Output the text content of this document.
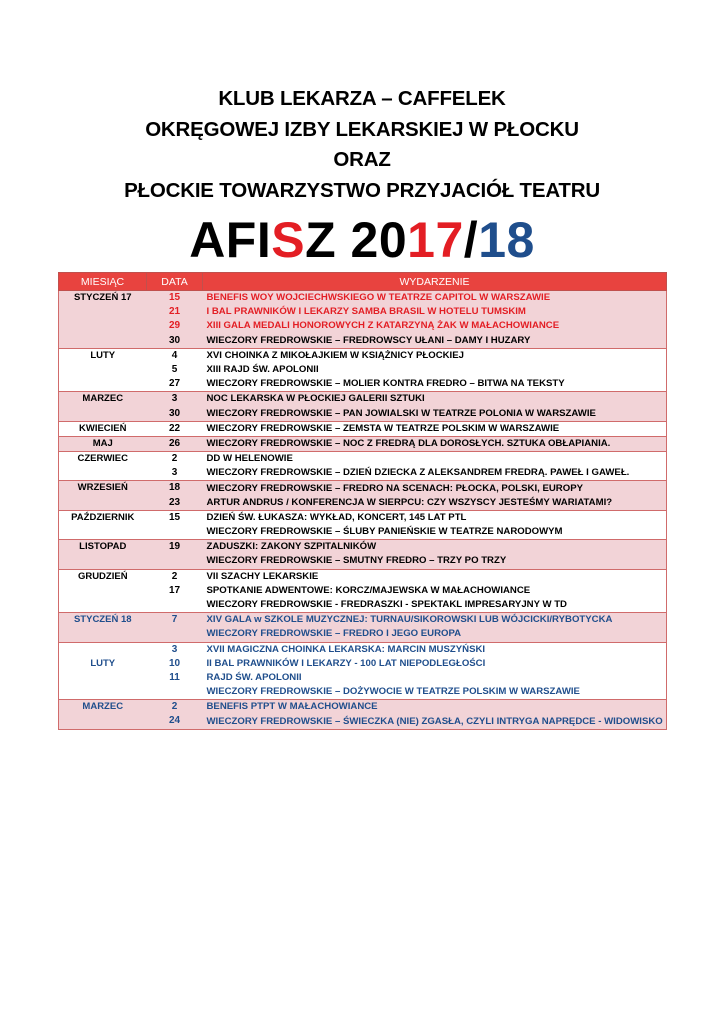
KLUB LEKARZA – CAFFELEK
OKRĘGOWEJ IZBY LEKARSKIEJ W PŁOCKU
ORAZ
PŁOCKIE TOWARZYSTWO PRZYJACIÓŁ TEATRU
AFISZ 2017/18
MIESIĄC	DATA	WYDARZENIE
STYCZEŃ 17	15	BENEFIS WOY WOJCIECHWSKIEGO W TEATRZE CAPITOL W WARSZAWIE
	21	I BAL PRAWNIKÓW I LEKARZY SAMBA BRASIL W HOTELU TUMSKIM
	29	XIII GALA MEDALI HONOROWYCH Z KATARZYNĄ ŻAK W MAŁACHOWIANCE
	30	WIECZORY FREDROWSKIE – FREDROWSCY UŁANI – DAMY I HUZARY
LUTY	4	XVI CHOINKA Z MIKOŁAJKIEM W KSIĄŻNICY PŁOCKIEJ
	5	XIII RAJD ŚW. APOLONII
	27	WIECZORY FREDROWSKIE – MOLIER KONTRA FREDRO – BITWA NA TEKSTY
MARZEC	3	NOC LEKARSKA W PŁOCKIEJ GALERII SZTUKI
	30	WIECZORY FREDROWSKIE – PAN JOWIALSKI W TEATRZE POLONIA W WARSZAWIE
KWIECIEŃ	22	WIECZORY FREDROWSKIE – ZEMSTA W TEATRZE POLSKIM W WARSZAWIE
MAJ	26	WIECZORY FREDROWSKIE – NOC Z FREDRĄ DLA DOROSŁYCH. SZTUKA OBŁAPIANIA.
CZERWIEC	2	DD W HELENOWIE
	3	WIECZORY FREDROWSKIE – DZIEŃ DZIECKA Z ALEKSANDREM FREDRĄ. PAWEŁ I GAWEŁ.
WRZESIEŃ	18	WIECZORY FREDROWSKIE – FREDRO NA SCENACH: PŁOCKA, POLSKI, EUROPY
	23	ARTUR ANDRUS / KONFERENCJA W SIERPCU: CZY WSZYSCY JESTEŚMY WARIATAMI?
PAŹDZIERNIK	15	DZIEŃ ŚW. ŁUKASZA: WYKŁAD, KONCERT, 145 LAT PTL
		WIECZORY FREDROWSKIE – ŚLUBY PANIEŃSKIE W TEATRZE NARODOWYM
LISTOPAD	19	ZADUSZKI: ZAKONY SZPITALNIKÓW
		WIECZORY FREDROWSKIE – SMUTNY FREDRO – TRZY PO TRZY
GRUDZIEŃ	2	VII SZACHY LEKARSKIE
	17	SPOTKANIE ADWENTOWE: KORCZ/MAJEWSKA W MAŁACHOWIANCE
		WIECZORY FREDROWSKIE - FREDRASZKI - SPEKTAKL IMPRESARYJNY W TD
STYCZEŃ 18	7	XIV GALA w SZKOLE MUZYCZNEJ: TURNAU/SIKOROWSKI LUB WÓJCICKI/RYBOTYCKA
		WIECZORY FREDROWSKIE – FREDRO I JEGO EUROPA
	3	XVII MAGICZNA CHOINKA LEKARSKA: MARCIN MUSZYŃSKI
LUTY	10	II BAL PRAWNIKÓW I LEKARZY - 100 LAT NIEPODLEGŁOŚCI
	11	RAJD ŚW. APOLONII
		WIECZORY FREDROWSKIE – DOŻYWOCIE W TEATRZE POLSKIM W WARSZAWIE
MARZEC	2	BENEFIS PTPT W MAŁACHOWIANCE
	24	WIECZORY FREDROWSKIE – ŚWIECZKA (NIE) ZGASŁA, CZYLI INTRYGA NAPRĘDCE - WIDOWISKO
